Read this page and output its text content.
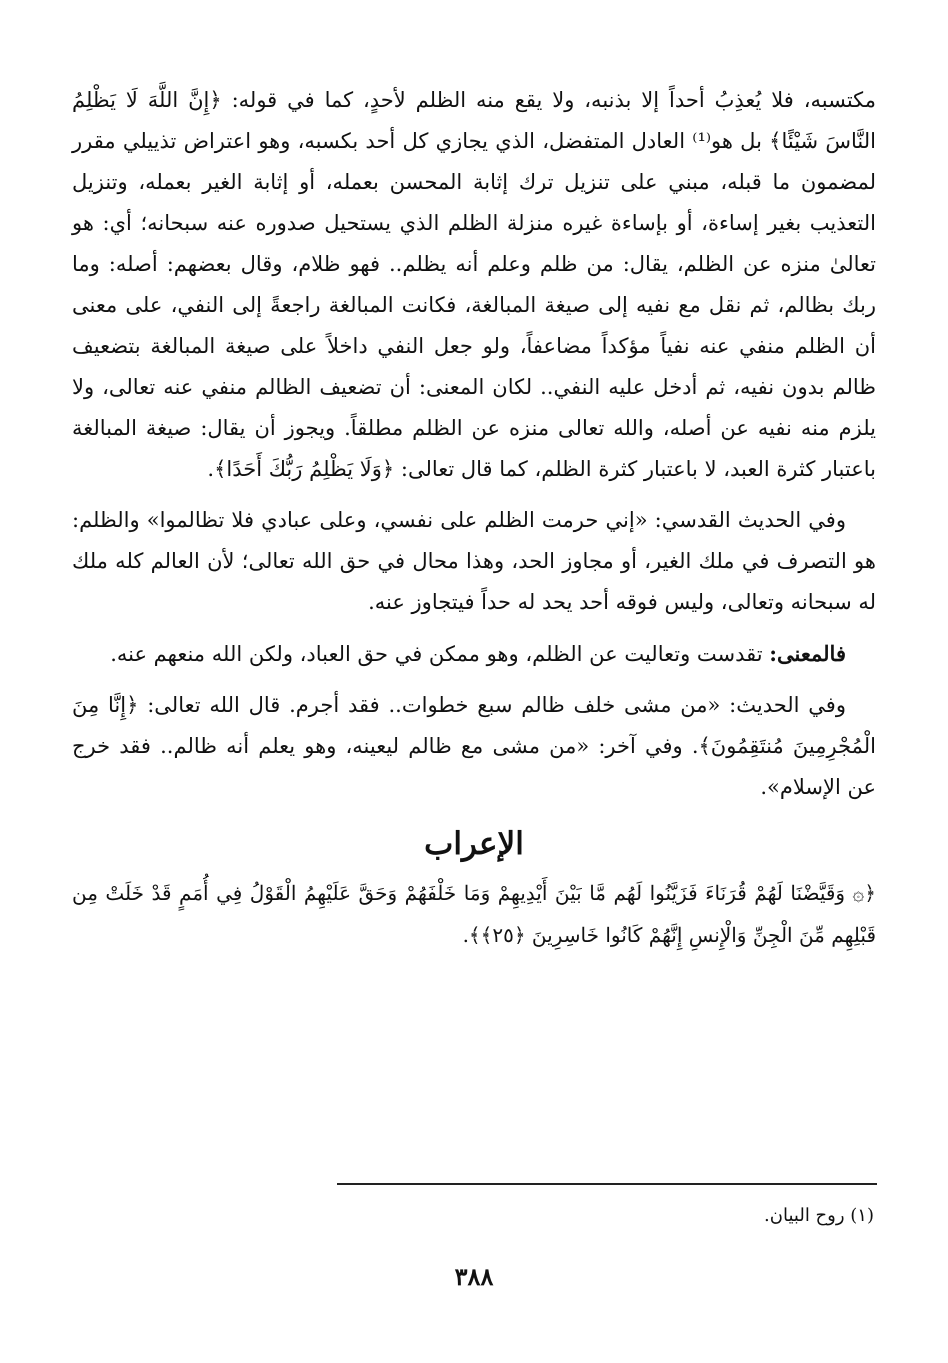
مكتسبه، فلا يُعذِبُ أحداً إلا بذنبه، ولا يقع منه الظلم لأحدٍ، كما في قوله: ﴿إِنَّ اللَّهَ لَا يَظْلِمُ النَّاسَ شَيْئًا﴾ بل هو⁽¹⁾ العادل المتفضل، الذي يجازي كل أحد بكسبه، وهو اعتراض تذييلي مقرر لمضمون ما قبله، مبني على تنزيل ترك إثابة المحسن بعمله، أو إثابة الغير بعمله، وتنزيل التعذيب بغير إساءة، أو بإساءة غيره منزلة الظلم الذي يستحيل صدوره عنه سبحانه؛ أي: هو تعالىٰ منزه عن الظلم، يقال: من ظلم وعلم أنه يظلم.. فهو ظلام، وقال بعضهم: أصله: وما ربك بظالم، ثم نقل مع نفيه إلى صيغة المبالغة، فكانت المبالغة راجعةً إلى النفي، على معنى أن الظلم منفي عنه نفياً مؤكداً مضاعفاً، ولو جعل النفي داخلاً على صيغة المبالغة بتضعيف ظالم بدون نفيه، ثم أدخل عليه النفي.. لكان المعنى: أن تضعيف الظالم منفي عنه تعالى، ولا يلزم منه نفيه عن أصله، والله تعالى منزه عن الظلم مطلقاً. ويجوز أن يقال: صيغة المبالغة باعتبار كثرة العبد، لا باعتبار كثرة الظلم، كما قال تعالى: ﴿وَلَا يَظْلِمُ رَبُّكَ أَحَدًا﴾.

وفي الحديث القدسي: «إني حرمت الظلم على نفسي، وعلى عبادي فلا تظالموا» والظلم: هو التصرف في ملك الغير، أو مجاوز الحد، وهذا محال في حق الله تعالى؛ لأن العالم كله ملك له سبحانه وتعالى، وليس فوقه أحد يحد له حداً فيتجاوز عنه.

فالمعنى: تقدست وتعاليت عن الظلم، وهو ممكن في حق العباد، ولكن الله منعهم عنه.

وفي الحديث: «من مشى خلف ظالم سبع خطوات.. فقد أجرم. قال الله تعالى: ﴿إِنَّا مِنَ الْمُجْرِمِينَ مُنتَقِمُونَ﴾. وفي آخر: «من مشى مع ظالم ليعينه، وهو يعلم أنه ظالم.. فقد خرج عن الإسلام».

الإعراب

﴿۞ وَقَيَّضْنَا لَهُمْ قُرَنَاءَ فَزَيَّنُوا لَهُم مَّا بَيْنَ أَيْدِيهِمْ وَمَا خَلْفَهُمْ وَحَقَّ عَلَيْهِمُ الْقَوْلُ فِي أُمَمٍ قَدْ خَلَتْ مِن قَبْلِهِم مِّنَ الْجِنِّ وَالْإِنسِ إِنَّهُمْ كَانُوا خَاسِرِينَ ﴿٢٥﴾﴾.

(١) روح البيان.
٣٨٨
